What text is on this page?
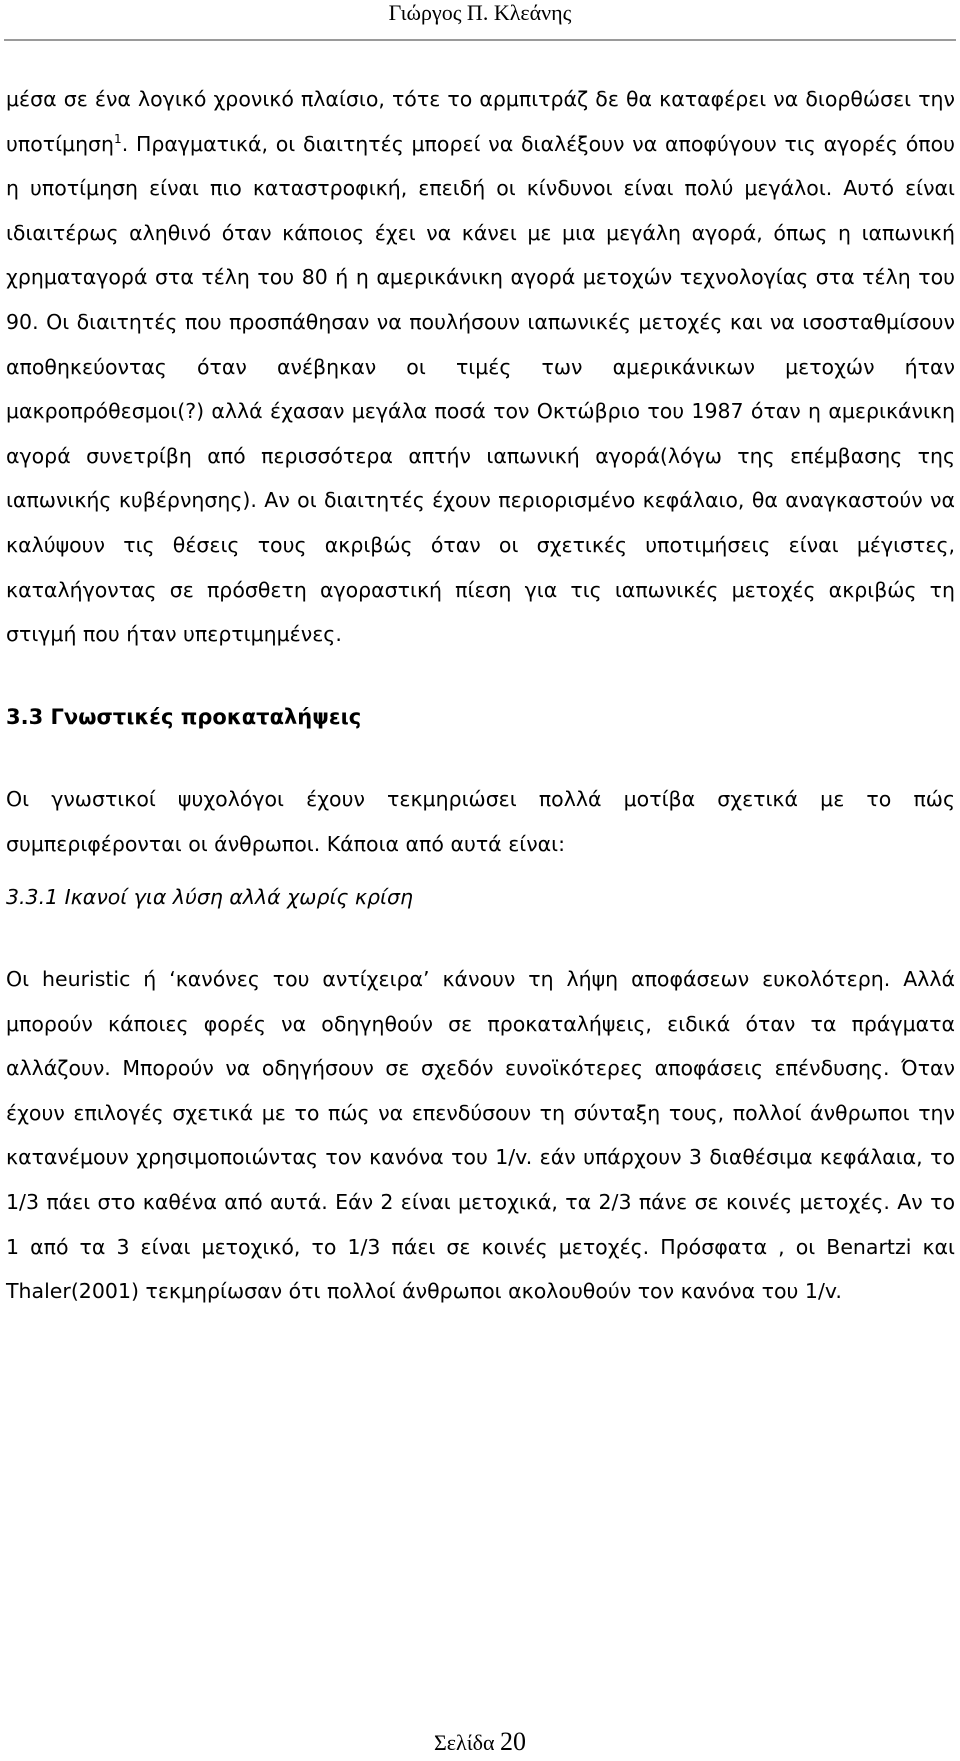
Γιώργος Π. Κλεάνης

μέσα σε ένα λογικό χρονικό πλαίσιο, τότε το αρμπιτράζ δε θα καταφέρει να διορθώσει την υποτίμηση$^1$. Πραγματικά, οι διαιτητές μπορεί να διαλέξουν να αποφύγουν τις αγορές όπου η υποτίμηση είναι πιο καταστροφική, επειδή οι κίνδυνοι είναι πολύ μεγάλοι. Αυτό είναι ιδιαιτέρως αληθινό όταν κάποιος έχει να κάνει με μια μεγάλη αγορά, όπως η ιαπωνική χρηματαγορά στα τέλη του 80 ή η αμερικάνικη αγορά μετοχών τεχνολογίας στα τέλη του 90. Οι διαιτητές που προσπάθησαν να πουλήσουν ιαπωνικές μετοχές και να ισοσταθμίσουν αποθηκεύοντας όταν ανέβηκαν οι τιμές των αμερικάνικων μετοχών ήταν μακροπρόθεσμοι(?) αλλά έχασαν μεγάλα ποσά τον Οκτώβριο του 1987 όταν η αμερικάνικη αγορά συνετρίβη από περισσότερα απτήν ιαπωνική αγορά(λόγω της επέμβασης της ιαπωνικής κυβέρνησης). Αν οι διαιτητές έχουν περιορισμένο κεφάλαιο, θα αναγκαστούν να καλύψουν τις θέσεις τους ακριβώς όταν οι σχετικές υποτιμήσεις είναι μέγιστες, καταλήγοντας σε πρόσθετη αγοραστική πίεση για τις ιαπωνικές μετοχές ακριβώς τη στιγμή που ήταν υπερτιμημένες.

3.3 Γνωστικές προκαταλήψεις

Οι γνωστικοί ψυχολόγοι έχουν τεκμηριώσει πολλά μοτίβα σχετικά με το πώς συμπεριφέρονται οι άνθρωποι. Κάποια από αυτά είναι:

3.3.1 Ικανοί για λύση αλλά χωρίς κρίση

Οι heuristic ή ‘κανόνες του αντίχειρα’ κάνουν τη λήψη αποφάσεων ευκολότερη. Αλλά μπορούν κάποιες φορές να οδηγηθούν σε προκαταλήψεις, ειδικά όταν τα πράγματα αλλάζουν. Μπορούν να οδηγήσουν σε σχεδόν ευνοϊκότερες αποφάσεις επένδυσης. Όταν έχουν επιλογές σχετικά με το πώς να επενδύσουν τη σύνταξη τους, πολλοί άνθρωποι την κατανέμουν χρησιμοποιώντας τον κανόνα του 1/v. εάν υπάρχουν 3 διαθέσιμα κεφάλαια, το 1/3 πάει στο καθένα από αυτά. Εάν 2 είναι μετοχικά, τα 2/3 πάνε σε κοινές μετοχές. Αν το 1 από τα 3 είναι μετοχικό, το 1/3 πάει σε κοινές μετοχές. Πρόσφατα , οι Benartzi και Thaler(2001) τεκμηρίωσαν ότι πολλοί άνθρωποι ακολουθούν τον κανόνα του 1/v.

Σελίδα 20
